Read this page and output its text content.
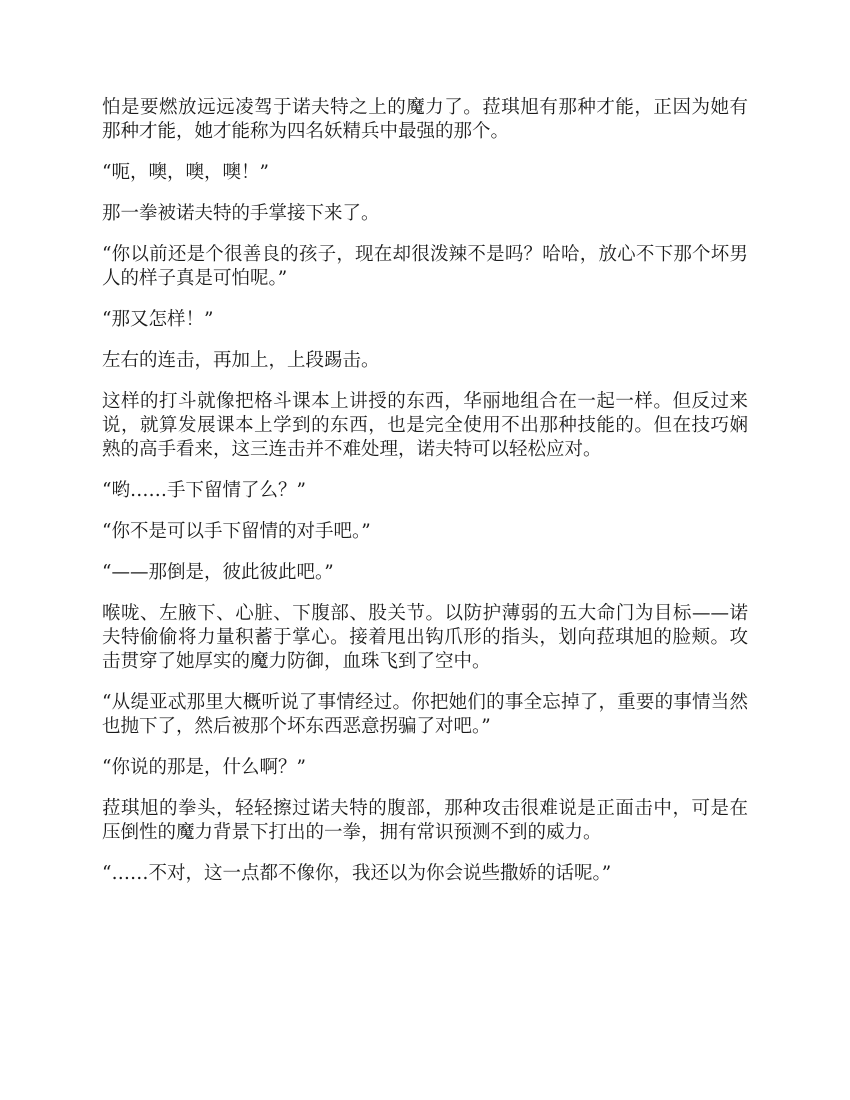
怕是要燃放远远凌驾于诺夫特之上的魔力了。菈琪旭有那种才能，正因为她有那种才能，她才能称为四名妖精兵中最强的那个。

“呃，噢，噢，噢！”

那一拳被诺夫特的手掌接下来了。

“你以前还是个很善良的孩子，现在却很泼辣不是吗？哈哈，放心不下那个坏男人的样子真是可怕呢。”

“那又怎样！”

左右的连击，再加上，上段踢击。

这样的打斗就像把格斗课本上讲授的东西，华丽地组合在一起一样。但反过来说，就算发展课本上学到的东西，也是完全使用不出那种技能的。但在技巧娴熟的高手看来，这三连击并不难处理，诺夫特可以轻松应对。

“哟……手下留情了么？”

“你不是可以手下留情的对手吧。”

“——那倒是，彼此彼此吧。”

喉咙、左腋下、心脏、下腹部、股关节。以防护薄弱的五大命门为目标——诺夫特偷偷将力量积蓄于掌心。接着甩出钩爪形的指头，划向菈琪旭的脸颊。攻击贯穿了她厚实的魔力防御，血珠飞到了空中。

“从缇亚忒那里大概听说了事情经过。你把她们的事全忘掉了，重要的事情当然也抛下了，然后被那个坏东西恶意拐骗了对吧。”

“你说的那是，什么啊？”

菈琪旭的拳头，轻轻擦过诺夫特的腹部，那种攻击很难说是正面击中，可是在压倒性的魔力背景下打出的一拳，拥有常识预测不到的威力。

“……不对，这一点都不像你，我还以为你会说些撒娇的话呢。”
